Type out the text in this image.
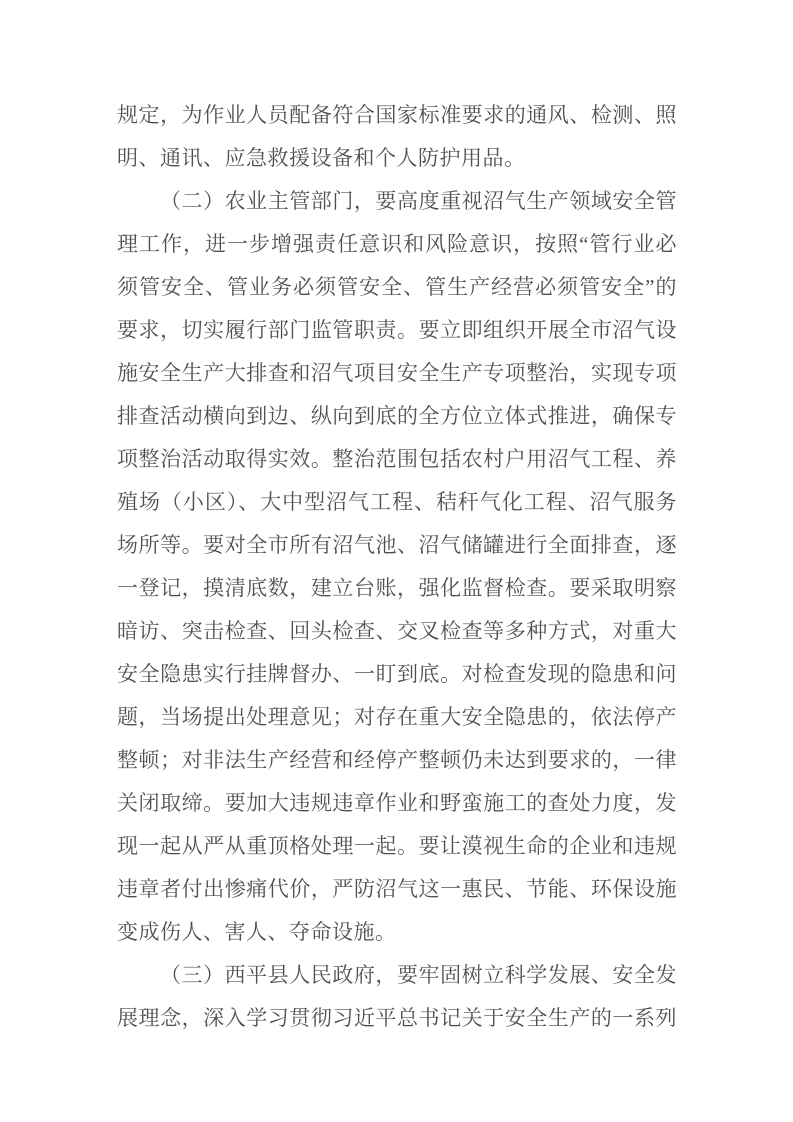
规定，为作业人员配备符合国家标准要求的通风、检测、照
明、通讯、应急救援设备和个人防护用品。
（二）农业主管部门，要高度重视沼气生产领域安全管
理工作，进一步增强责任意识和风险意识，按照“管行业必
须管安全、管业务必须管安全、管生产经营必须管安全”的
要求，切实履行部门监管职责。要立即组织开展全市沼气设
施安全生产大排查和沼气项目安全生产专项整治，实现专项
排查活动横向到边、纵向到底的全方位立体式推进，确保专
项整治活动取得实效。整治范围包括农村户用沼气工程、养
殖场（小区）、大中型沼气工程、秸秆气化工程、沼气服务
场所等。要对全市所有沼气池、沼气储罐进行全面排查，逐
一登记，摸清底数，建立台账，强化监督检查。要采取明察
暗访、突击检查、回头检查、交叉检查等多种方式，对重大
安全隐患实行挂牌督办、一盯到底。对检查发现的隐患和问
题，当场提出处理意见；对存在重大安全隐患的，依法停产
整顿；对非法生产经营和经停产整顿仍未达到要求的，一律
关闭取缔。要加大违规违章作业和野蛮施工的查处力度，发
现一起从严从重顶格处理一起。要让漠视生命的企业和违规
违章者付出惨痛代价，严防沼气这一惠民、节能、环保设施
变成伤人、害人、夺命设施。
（三）西平县人民政府，要牢固树立科学发展、安全发
展理念，深入学习贯彻习近平总书记关于安全生产的一系列
